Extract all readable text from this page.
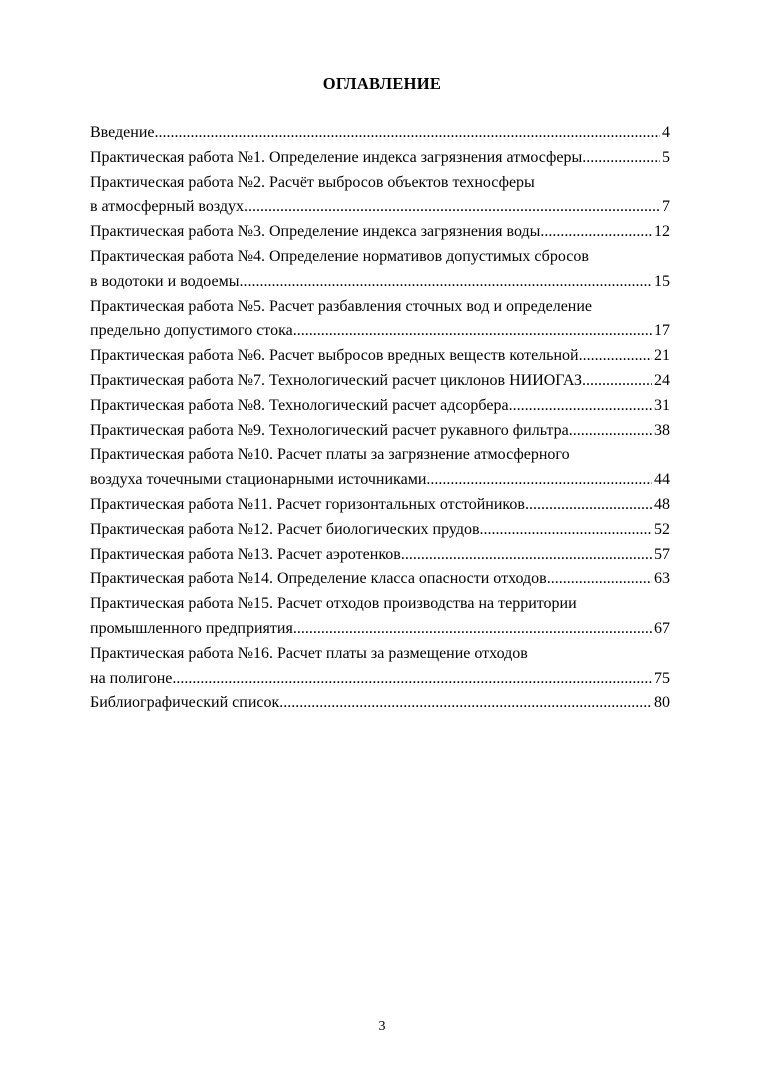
ОГЛАВЛЕНИЕ
Введение .....	4
Практическая работа №1. Определение индекса загрязнения атмосферы .....	5
Практическая работа №2. Расчёт выбросов объектов техносферы
в атмосферный воздух .....	7
Практическая работа №3. Определение индекса загрязнения воды .....	12
Практическая работа №4. Определение нормативов допустимых сбросов
в водотоки и водоемы .....	15
Практическая работа №5. Расчет разбавления сточных вод и определение
предельно допустимого стока .....	17
Практическая работа №6. Расчет выбросов вредных веществ котельной .....	21
Практическая работа №7. Технологический расчет циклонов НИИОГАЗ .....	24
Практическая работа №8. Технологический расчет адсорбера .....	31
Практическая работа №9. Технологический расчет рукавного фильтра .....	38
Практическая работа №10. Расчет платы за загрязнение атмосферного
воздуха точечными стационарными источниками .....	44
Практическая работа №11. Расчет горизонтальных отстойников .....	48
Практическая работа №12. Расчет биологических прудов .....	52
Практическая работа №13. Расчет аэротенков .....	57
Практическая работа №14. Определение класса опасности отходов .....	63
Практическая работа №15. Расчет отходов производства на территории
промышленного предприятия .....	67
Практическая работа №16. Расчет платы за размещение отходов
на полигоне .....	75
Библиографический список .....	80
3
